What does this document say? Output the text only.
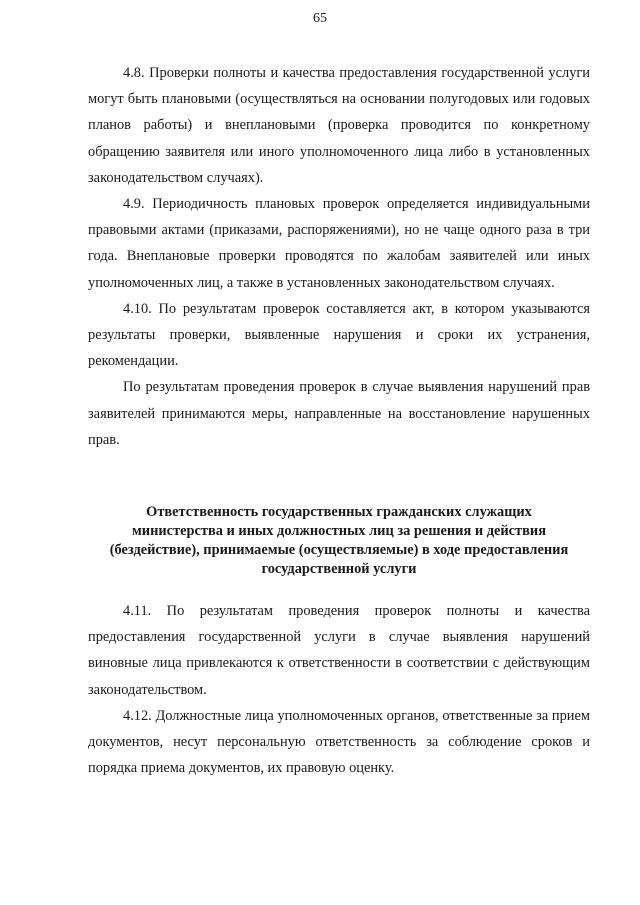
65

4.8. Проверки полноты и качества предоставления государственной услуги могут быть плановыми (осуществляться на основании полугодовых или годовых планов работы) и внеплановыми (проверка проводится по конкретному обращению заявителя или иного уполномоченного лица либо в установленных законодательством случаях).

4.9. Периодичность плановых проверок определяется индивидуальными правовыми актами (приказами, распоряжениями), но не чаще одного раза в три года. Внеплановые проверки проводятся по жалобам заявителей или иных уполномоченных лиц, а также в установленных законодательством случаях.

4.10. По результатам проверок составляется акт, в котором указываются результаты проверки, выявленные нарушения и сроки их устранения, рекомендации.

По результатам проведения проверок в случае выявления нарушений прав заявителей принимаются меры, направленные на восстановление нарушенных прав.

Ответственность государственных гражданских служащих министерства и иных должностных лиц за решения и действия (бездействие), принимаемые (осуществляемые) в ходе предоставления государственной услуги

4.11. По результатам проведения проверок полноты и качества предоставления государственной услуги в случае выявления нарушений виновные лица привлекаются к ответственности в соответствии с действующим законодательством.

4.12. Должностные лица уполномоченных органов, ответственные за прием документов, несут персональную ответственность за соблюдение сроков и порядка приема документов, их правовую оценку.
